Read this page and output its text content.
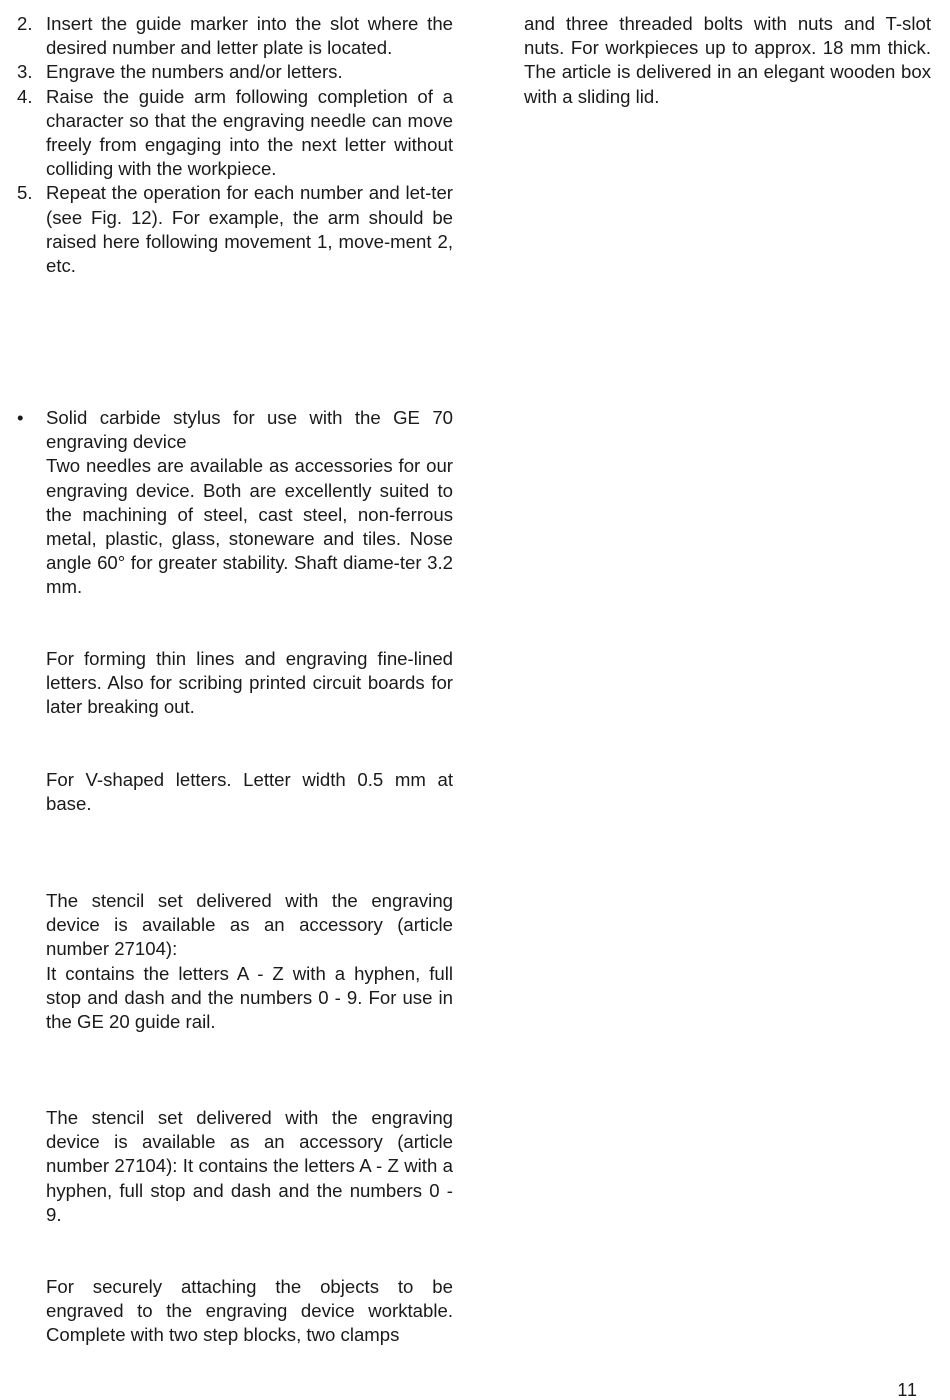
2. Insert the guide marker into the slot where the desired number and letter plate is located.
3. Engrave the numbers and/or letters.
4. Raise the guide arm following completion of a character so that the engraving needle can move freely from engaging into the next letter without colliding with the workpiece.
5. Repeat the operation for each number and let-ter (see Fig. 12). For example, the arm should be raised here following movement 1, move-ment 2, etc.
•	Solid carbide stylus for use with the GE 70 engraving device

Two needles are available as accessories for our engraving device. Both are excellently suited to the machining of steel, cast steel, non-ferrous metal, plastic, glass, stoneware and tiles. Nose angle 60° for greater stability. Shaft diame-ter 3.2 mm.

For forming thin lines and engraving fine-lined letters. Also for scribing printed circuit boards for later breaking out.

For V-shaped letters. Letter width 0.5 mm at base.

The stencil set delivered with the engraving device is available as an accessory (article number 27104):

It contains the letters A - Z with a hyphen, full stop and dash and the numbers 0 - 9. For use in the GE 20 guide rail.

The stencil set delivered with the engraving device is available as an accessory (article number 27104): It contains the letters A - Z with a hyphen, full stop and dash and the numbers 0 - 9.

For securely attaching the objects to be engraved to the engraving device worktable. Complete with two step blocks, two clamps

and three threaded bolts with nuts and T-slot nuts. For workpieces up to approx. 18 mm thick. The article is delivered in an elegant wooden box with a sliding lid.

11
